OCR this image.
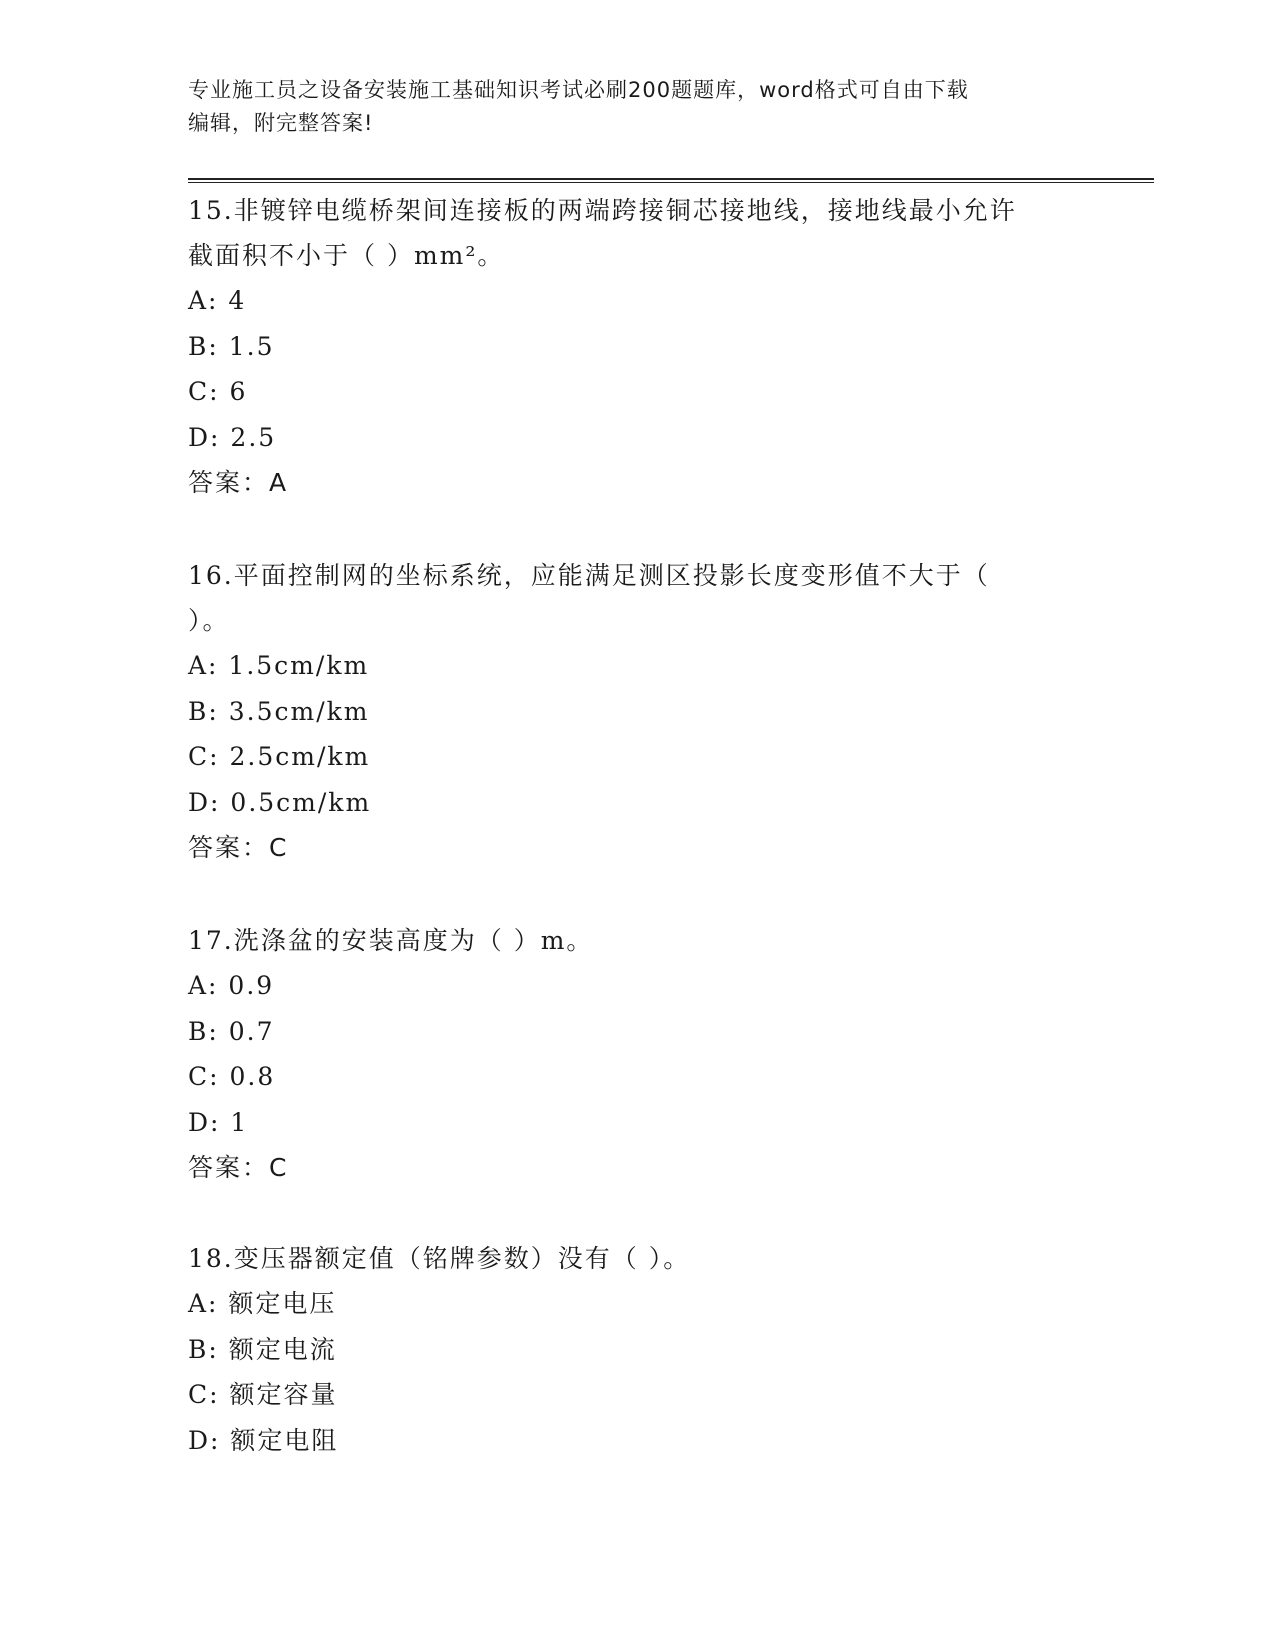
专业施工员之设备安装施工基础知识考试必刷200题题库，word格式可自由下载
编辑，附完整答案!

15.非镀锌电缆桥架间连接板的两端跨接铜芯接地线，接地线最小允许

截面积不小于（ ）mm²。

A: 4

B: 1.5

C: 6

D: 2.5

答案：A

16.平面控制网的坐标系统，应能满足测区投影长度变形值不大于（

）。

A: 1.5cm/km

B: 3.5cm/km

C: 2.5cm/km

D: 0.5cm/km

答案：C

17.洗涤盆的安装高度为（ ）m。

A: 0.9

B: 0.7

C: 0.8

D: 1

答案：C

18.变压器额定值（铭牌参数）没有（ ）。

A: 额定电压

B: 额定电流

C: 额定容量

D: 额定电阻
